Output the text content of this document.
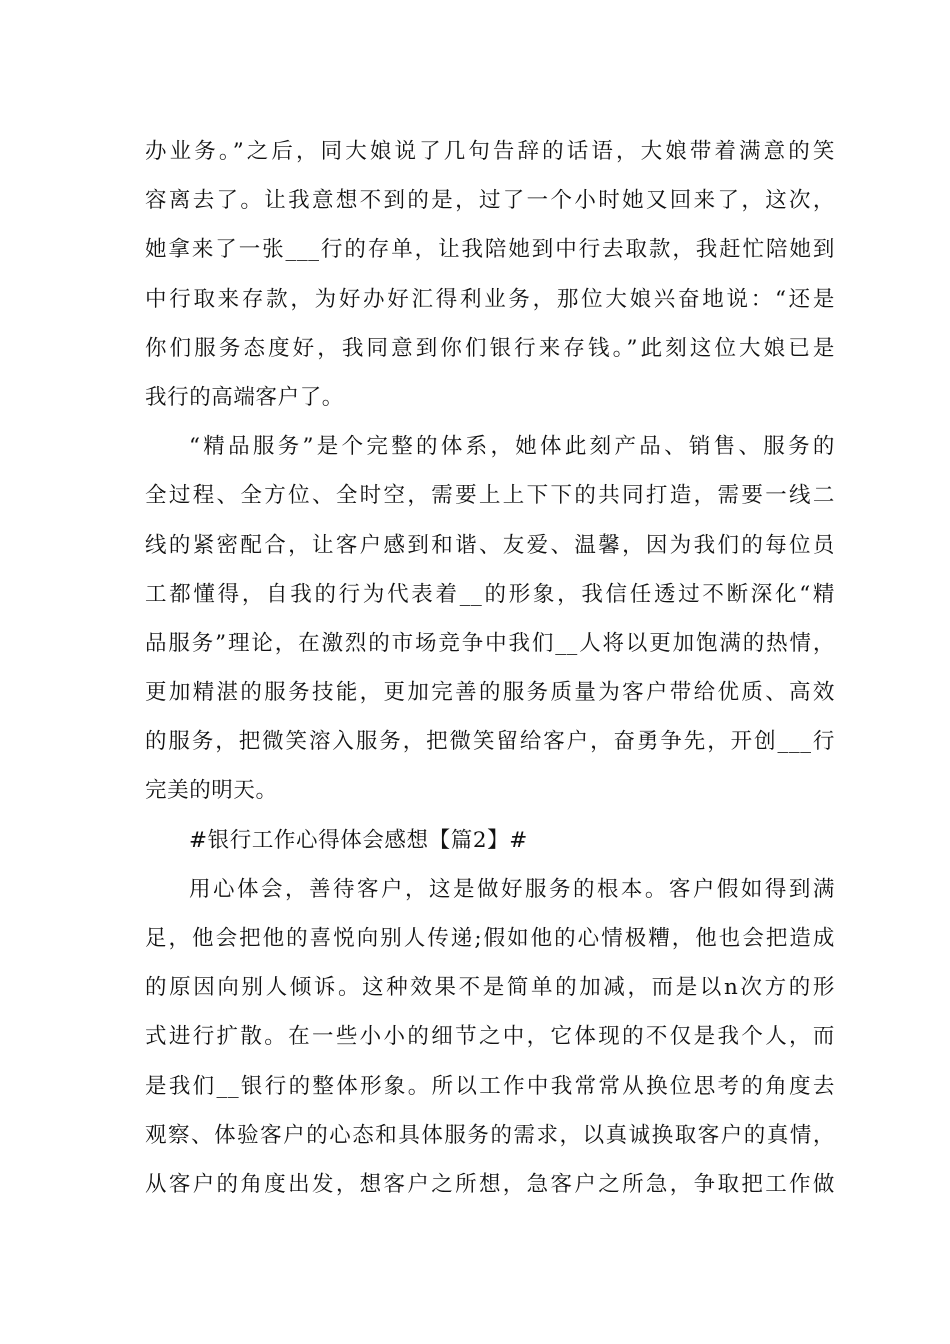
办业务。”之后，同大娘说了几句告辞的话语，大娘带着满意的笑
容离去了。让我意想不到的是，过了一个小时她又回来了，这次，
她拿来了一张___行的存单，让我陪她到中行去取款，我赶忙陪她到
中行取来存款，为好办好汇得利业务，那位大娘兴奋地说：“还是
你们服务态度好，我同意到你们银行来存钱。”此刻这位大娘已是
我行的高端客户了。
“精品服务”是个完整的体系，她体此刻产品、销售、服务的
全过程、全方位、全时空，需要上上下下的共同打造，需要一线二
线的紧密配合，让客户感到和谐、友爱、温馨，因为我们的每位员
工都懂得，自我的行为代表着__的形象，我信任透过不断深化“精
品服务”理论，在激烈的市场竞争中我们__人将以更加饱满的热情，
更加精湛的服务技能，更加完善的服务质量为客户带给优质、高效
的服务，把微笑溶入服务，把微笑留给客户，奋勇争先，开创___行
完美的明天。
#银行工作心得体会感想【篇2】#
用心体会，善待客户，这是做好服务的根本。客户假如得到满
足，他会把他的喜悦向别人传递;假如他的心情极糟，他也会把造成
的原因向别人倾诉。这种效果不是简单的加减，而是以n次方的形
式进行扩散。在一些小小的细节之中，它体现的不仅是我个人，而
是我们__银行的整体形象。所以工作中我常常从换位思考的角度去
观察、体验客户的心态和具体服务的需求，以真诚换取客户的真情，
从客户的角度出发，想客户之所想，急客户之所急，争取把工作做
